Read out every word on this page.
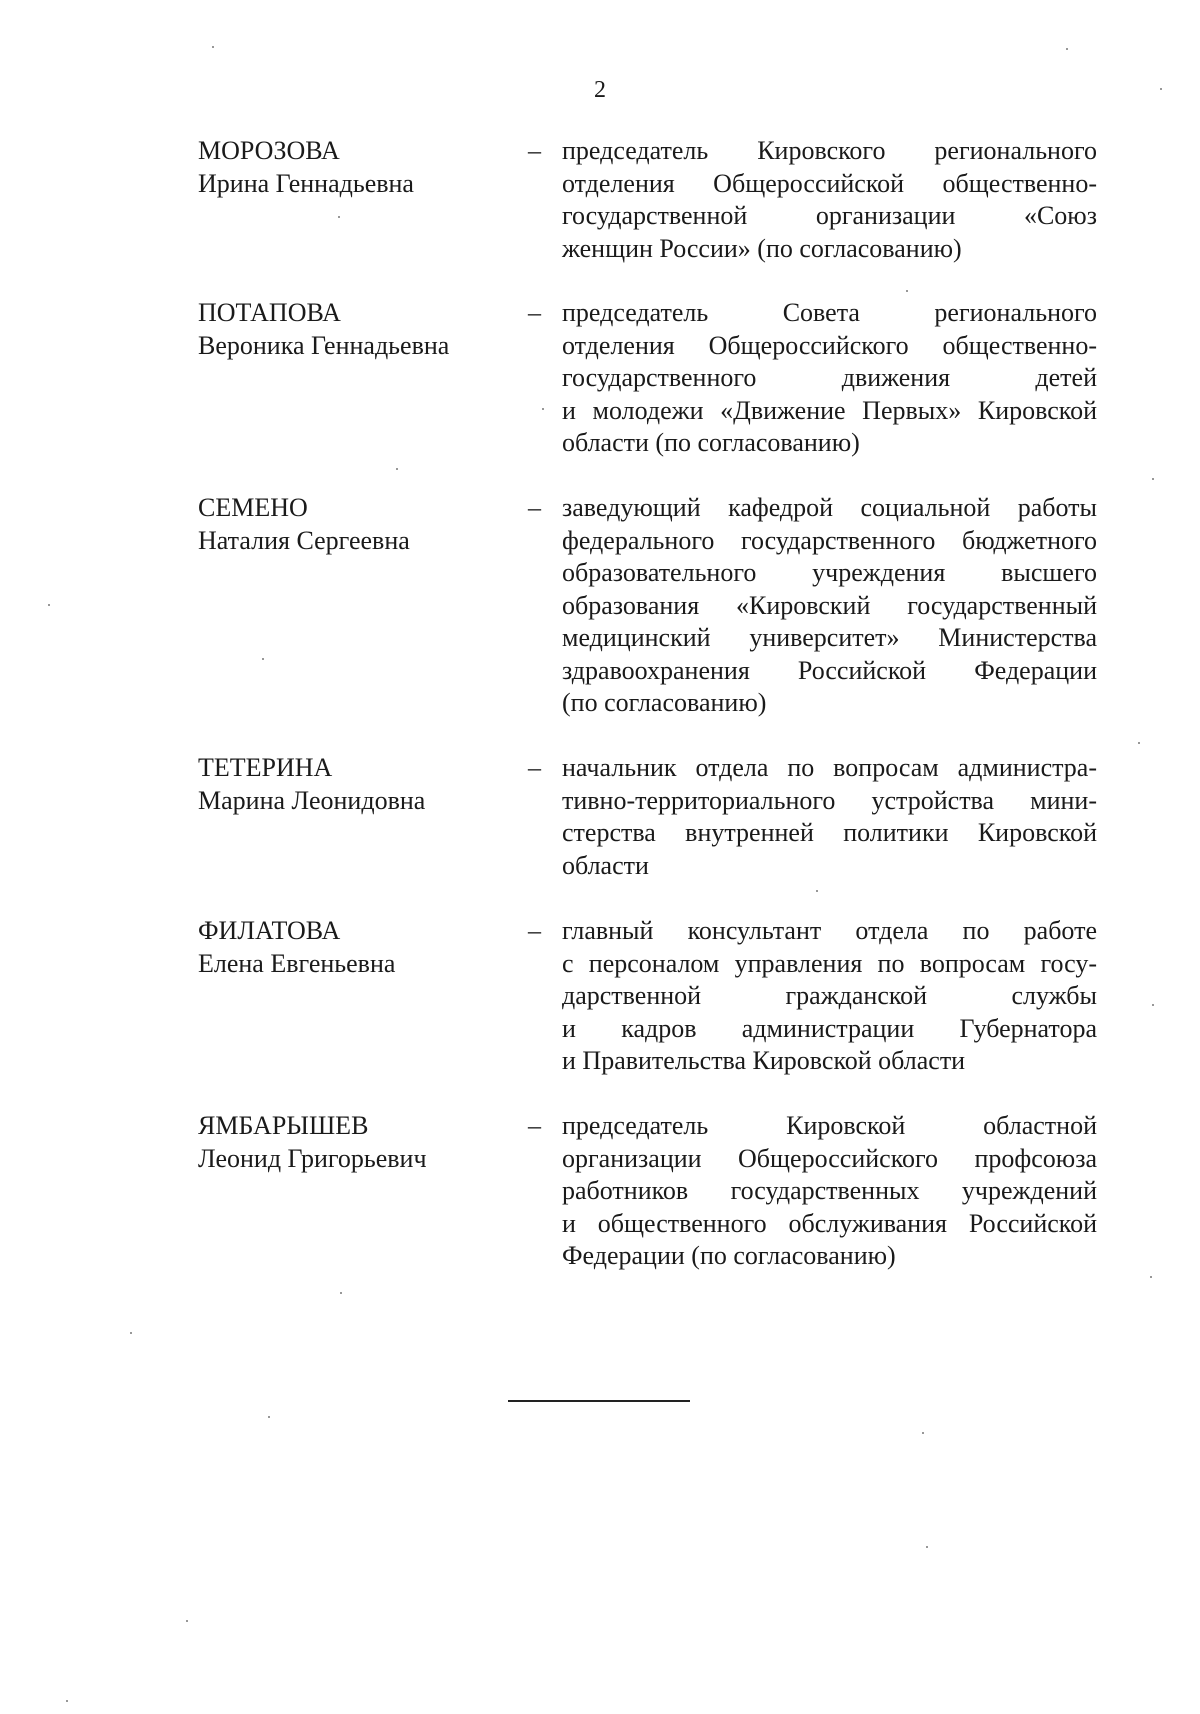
2
МОРОЗОВА
Ирина Геннадьевна
– председатель Кировского регионального
отделения Общероссийской общественно-
государственной организации «Союз
женщин России» (по согласованию)
ПОТАПОВА
Вероника Геннадьевна
– председатель Совета регионального
отделения Общероссийского общественно-
государственного движения детей
и молодежи «Движение Первых» Кировской
области (по согласованию)
СЕМЕНО
Наталия Сергеевна
– заведующий кафедрой социальной работы
федерального государственного бюджетного
образовательного учреждения высшего
образования «Кировский государственный
медицинский университет» Министерства
здравоохранения Российской Федерации
(по согласованию)
ТЕТЕРИНА
Марина Леонидовна
– начальник отдела по вопросам администра-
тивно-территориального устройства мини-
стерства внутренней политики Кировской
области
ФИЛАТОВА
Елена Евгеньевна
– главный консультант отдела по работе
с персоналом управления по вопросам госу-
дарственной гражданской службы
и кадров администрации Губернатора
и Правительства Кировской области
ЯМБАРЫШЕВ
Леонид Григорьевич
– председатель Кировской областной
организации Общероссийского профсоюза
работников государственных учреждений
и общественного обслуживания Российской
Федерации (по согласованию)
